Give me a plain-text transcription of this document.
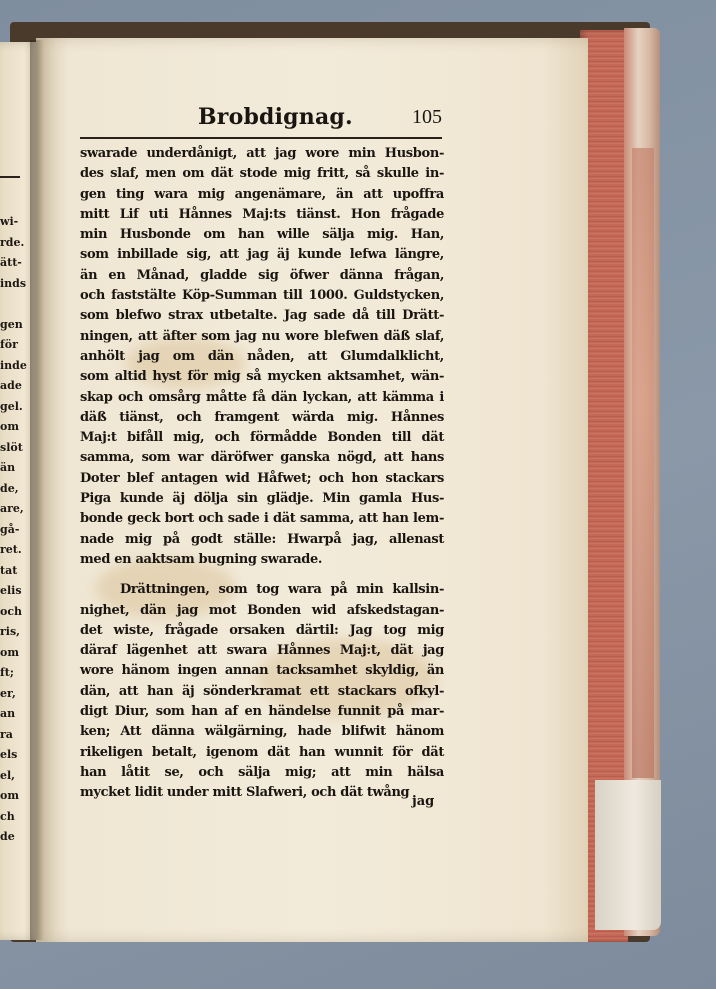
wi-
rde.
ätt-
inds
gen
för
inde
ade
gel.
om
slöt
än
de,
are,
gå-
ret.
tat
elis
och
ris,
om
ft;
er,
an
ra
els
el,
om
ch
de
Brobdignag.	105
swarade underdånigt, att jag wore min Husbon-
des slaf, men om dät stode mig fritt, så skulle in-
gen ting wara mig angenämare, än att upoffra
mitt Lif uti Hånnes Maj:ts tiänst. Hon frågade
min Husbonde om han wille sälja mig. Han,
som inbillade sig, att jag äj kunde lefwa längre,
än en Månad, gladde sig öfwer dänna frågan,
och faststälte Köp-Summan till 1000. Guldstycken,
som blefwo strax utbetalte. Jag sade då till Drätt-
ningen, att äfter som jag nu wore blefwen däß slaf,
anhölt jag om dän nåden, att Glumdalklicht,
som altid hyst för mig så mycken aktsamhet, wän-
skap och omsårg måtte få dän lyckan, att kämma i
däß tiänst, och framgent wärda mig. Hånnes
Maj:t bifåll mig, och förmådde Bonden till dät
samma, som war däröfwer ganska nögd, att hans
Doter blef antagen wid Håfwet; och hon stackars
Piga kunde äj dölja sin glädje. Min gamla Hus-
bonde geck bort och sade i dät samma, att han lem-
nade mig på godt ställe: Hwarpå jag, allenast
med en aaktsam bugning swarade.
Drättningen, som tog wara på min kallsin-
nighet, dän jag mot Bonden wid afskedstagan-
det wiste, frågade orsaken därtil: Jag tog mig
däraf lägenhet att swara Hånnes Maj:t, dät jag
wore hänom ingen annan tacksamhet skyldig, än
dän, att han äj sönderkramat ett stackars ofkyl-
digt Diur, som han af en händelse funnit på mar-
ken; Att dänna wälgärning, hade blifwit hänom
rikeligen betalt, igenom dät han wunnit för dät
han låtit se, och sälja mig; att min hälsa
mycket lidit under mitt Slafweri, och dät twång
jag
